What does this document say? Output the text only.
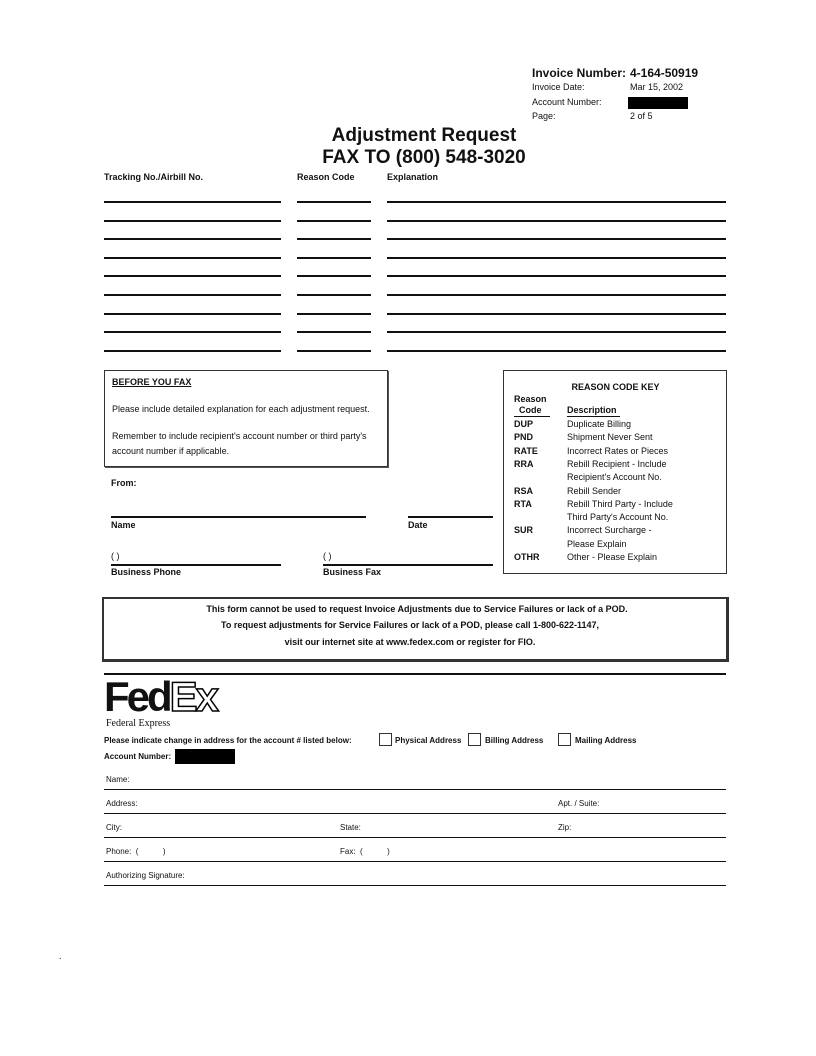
Invoice Number: 4-164-50919
Invoice Date:	Mar 15, 2002
Account Number:
Page:	2 of 5
Adjustment Request
FAX TO (800) 548-3020
Tracking No./Airbill No.	Reason Code	Explanation
BEFORE YOU FAX
Please include detailed explanation for each adjustment request.
Remember to include recipient's account number or third party's
account number if applicable.
From:
Name	Date
( )
Business Phone
( )
Business Fax
REASON CODE KEY
Reason
Code	Description
DUP	Duplicate Billing
PND	Shipment Never Sent
RATE	Incorrect Rates or Pieces
RRA	Rebill Recipient - Include
Recipient's Account No.
RSA	Rebill Sender
RTA	Rebill Third Party - Include
Third Party's Account No.
SUR	Incorrect Surcharge -
Please Explain
OTHR	Other - Please Explain
This form cannot be used to request Invoice Adjustments due to Service Failures or lack of a POD.
To request adjustments for Service Failures or lack of a POD, please call 1-800-622-1147,
visit our internet site at www.fedex.com or register for FIO.
FedEx
Federal Express
Please indicate change in address for the account # listed below:	Physical Address	Billing Address	Mailing Address
Account Number:
Name:
Address:	Apt. / Suite:
City:	State:	Zip:
Phone:  (           )	Fax:  (           )
Authorizing Signature:
.
